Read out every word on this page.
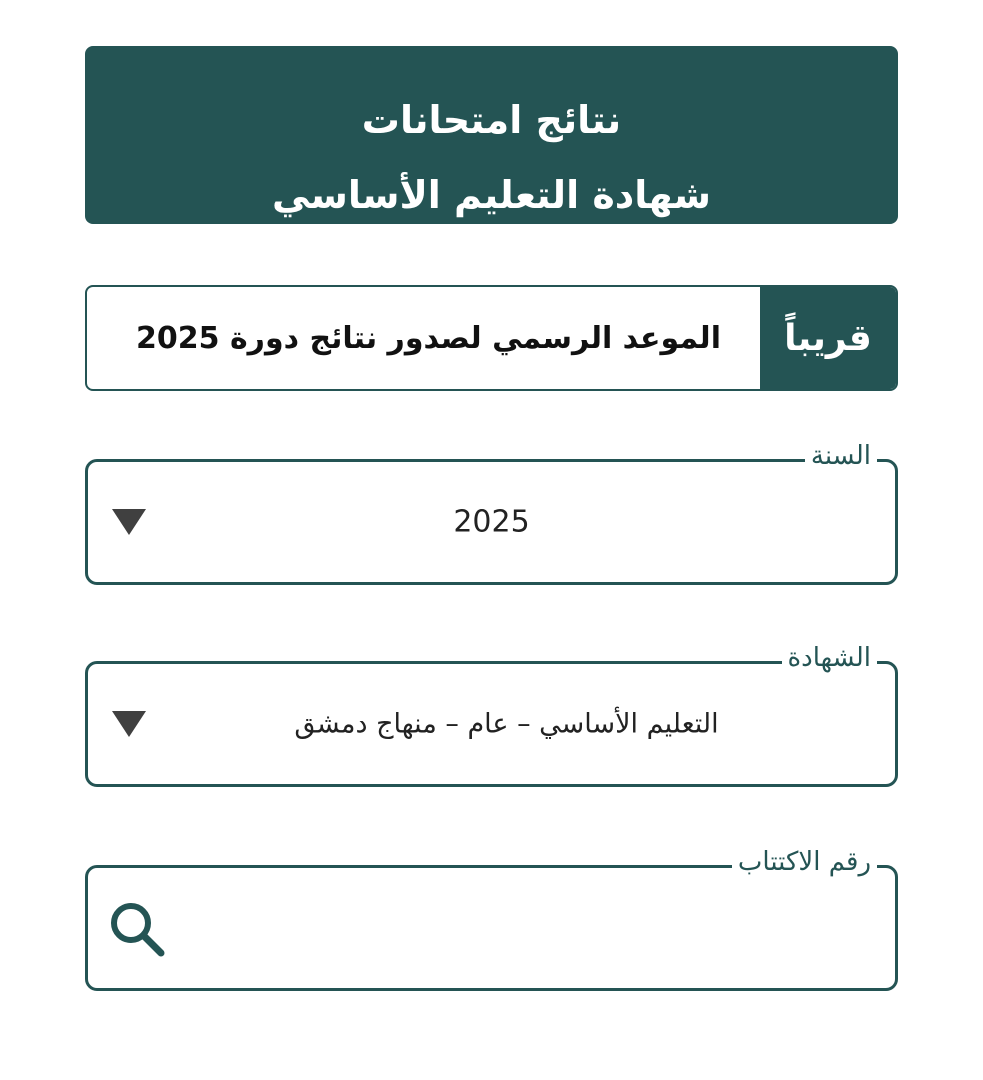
نتائج امتحانات
شهادة التعليم الأساسي
قريباً
الموعد الرسمي لصدور نتائج دورة 2025
السنة
2025
الشهادة
التعليم الأساسي – عام – منهاج دمشق
رقم الاكتتاب
